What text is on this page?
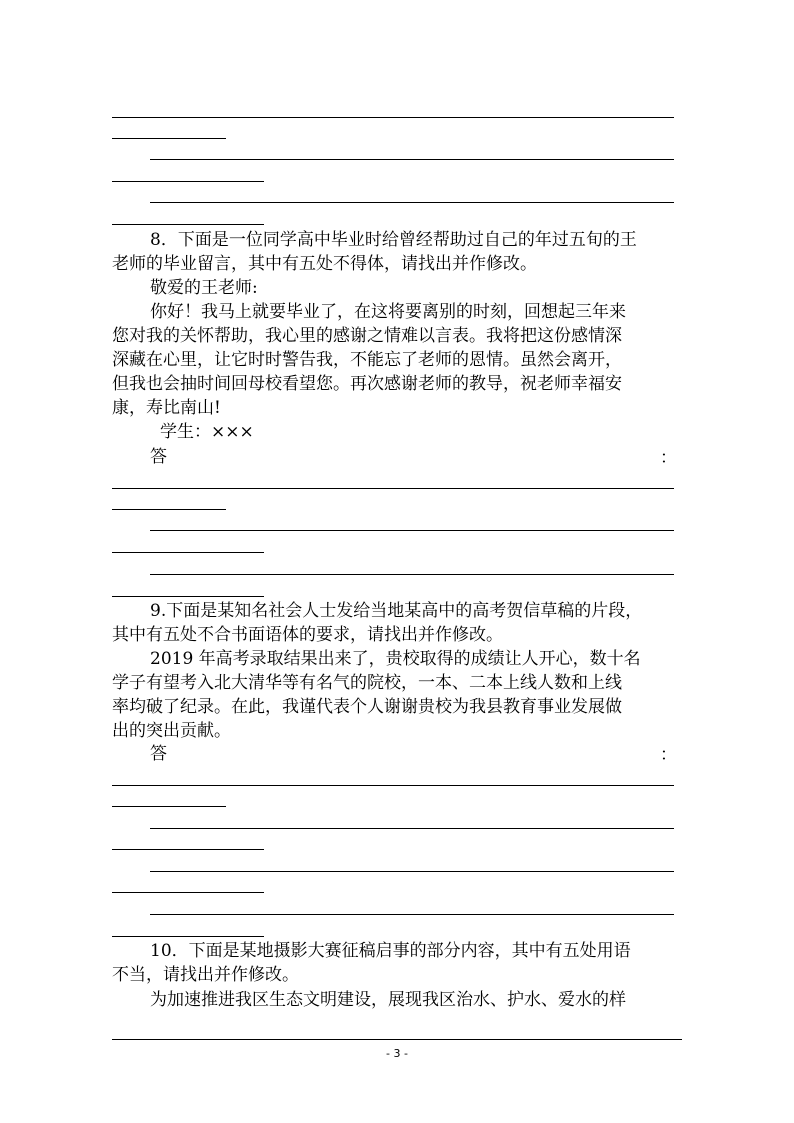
8．下面是一位同学高中毕业时给曾经帮助过自己的年过五旬的王
老师的毕业留言，其中有五处不得体，请找出并作修改。
敬爱的王老师:
你好！我马上就要毕业了，在这将要离别的时刻，回想起三年来
您对我的关怀帮助，我心里的感谢之情难以言表。我将把这份感情深
深藏在心里，让它时时警告我，不能忘了老师的恩情。虽然会离开，
但我也会抽时间回母校看望您。再次感谢老师的教导，祝老师幸福安
康，寿比南山!
学生：×××
答	：
9.下面是某知名社会人士发给当地某高中的高考贺信草稿的片段，
其中有五处不合书面语体的要求，请找出并作修改。
2019 年高考录取结果出来了，贵校取得的成绩让人开心，数十名
学子有望考入北大清华等有名气的院校，一本、二本上线人数和上线
率均破了纪录。在此，我谨代表个人谢谢贵校为我县教育事业发展做
出的突出贡献。
答	：
10．下面是某地摄影大赛征稿启事的部分内容，其中有五处用语
不当，请找出并作修改。
为加速推进我区生态文明建设，展现我区治水、护水、爱水的样
- 3 -
